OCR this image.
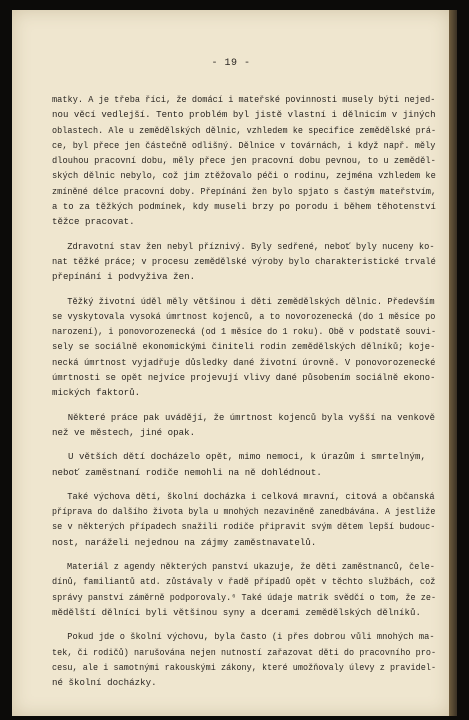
- 19 -
matky. A je třeba říci, že domácí i mateřské povinnosti musely býti nejed-
nou věcí vedlejší. Tento problém byl jistě vlastní i dělnicím v jiných
oblastech. Ale u zemědělských dělnic, vzhledem ke specifice zemědělské prá-
ce, byl přece jen částečně odlišný. Dělnice v továrnách, i když např. měly
dlouhou pracovní dobu, měly přece jen pracovní dobu pevnou, to u zeměděl-
ských dělnic nebylo, což jim ztěžovalo péči o rodinu, zejména vzhledem ke
zmíněné délce pracovní doby. Přepínání žen bylo spjato s častým mateřstvím,
a to za těžkých podmínek, kdy museli brzy po porodu i během těhotenství
těžce pracovat.
Zdravotní stav žen nebyl příznivý. Byly sedřené, neboť byly nuceny ko-
nat těžké práce; v procesu zemědělské výroby bylo charakteristické trvalé
přepínání i podvyživa žen.
Těžký životní úděl měly většinou i děti zemědělských dělnic. Především
se vyskytovala vysoká úmrtnost kojenců, a to novorozenecká (do 1 měsíce po
narození), i ponovorozenecká (od 1 měsíce do 1 roku). Obě v podstatě souvi-
sely se sociálně ekonomickými činiteli rodin zemědělských dělníků; koje-
necká úmrtnost vyjadřuje důsledky dané životní úrovně. V ponovorozenecké
úmrtnosti se opět nejvíce projevují vlivy dané působením sociálně ekono-
mických faktorů.
Některé práce pak uvádějí, že úmrtnost kojenců byla vyšší na venkově
než ve městech, jiné opak.
U větších dětí docházelo opět, mimo nemoci, k úrazům i smrtelným,
neboť zaměstnaní rodiče nemohli na ně dohlédnout.
Také výchova dětí, školní docházka i celková mravní, citová a občanská
příprava do dalšího života byla u mnohých nezaviněně zanedbávána. A jestliže
se v některých případech snažili rodiče připravit svým dětem lepší budouc-
nost, naráželi nejednou na zájmy zaměstnavatelů.
Materiál z agendy některých panství ukazuje, že děti zaměstnanců, čele-
dínů, familiantů atd. zůstávaly v řadě případů opět v těchto službách, což
správy panství záměrně podporovaly.⁶ Také údaje matrik svědčí o tom, že ze-
mědělští dělníci byli většinou syny a dcerami zemědělských dělníků.
Pokud jde o školní výchovu, byla často (i přes dobrou vůli mnohých ma-
tek, či rodičů) narušována nejen nutností zařazovat děti do pracovního pro-
cesu, ale i samotnými rakouskými zákony, které umožňovaly úlevy z pravidel-
né školní docházky.
